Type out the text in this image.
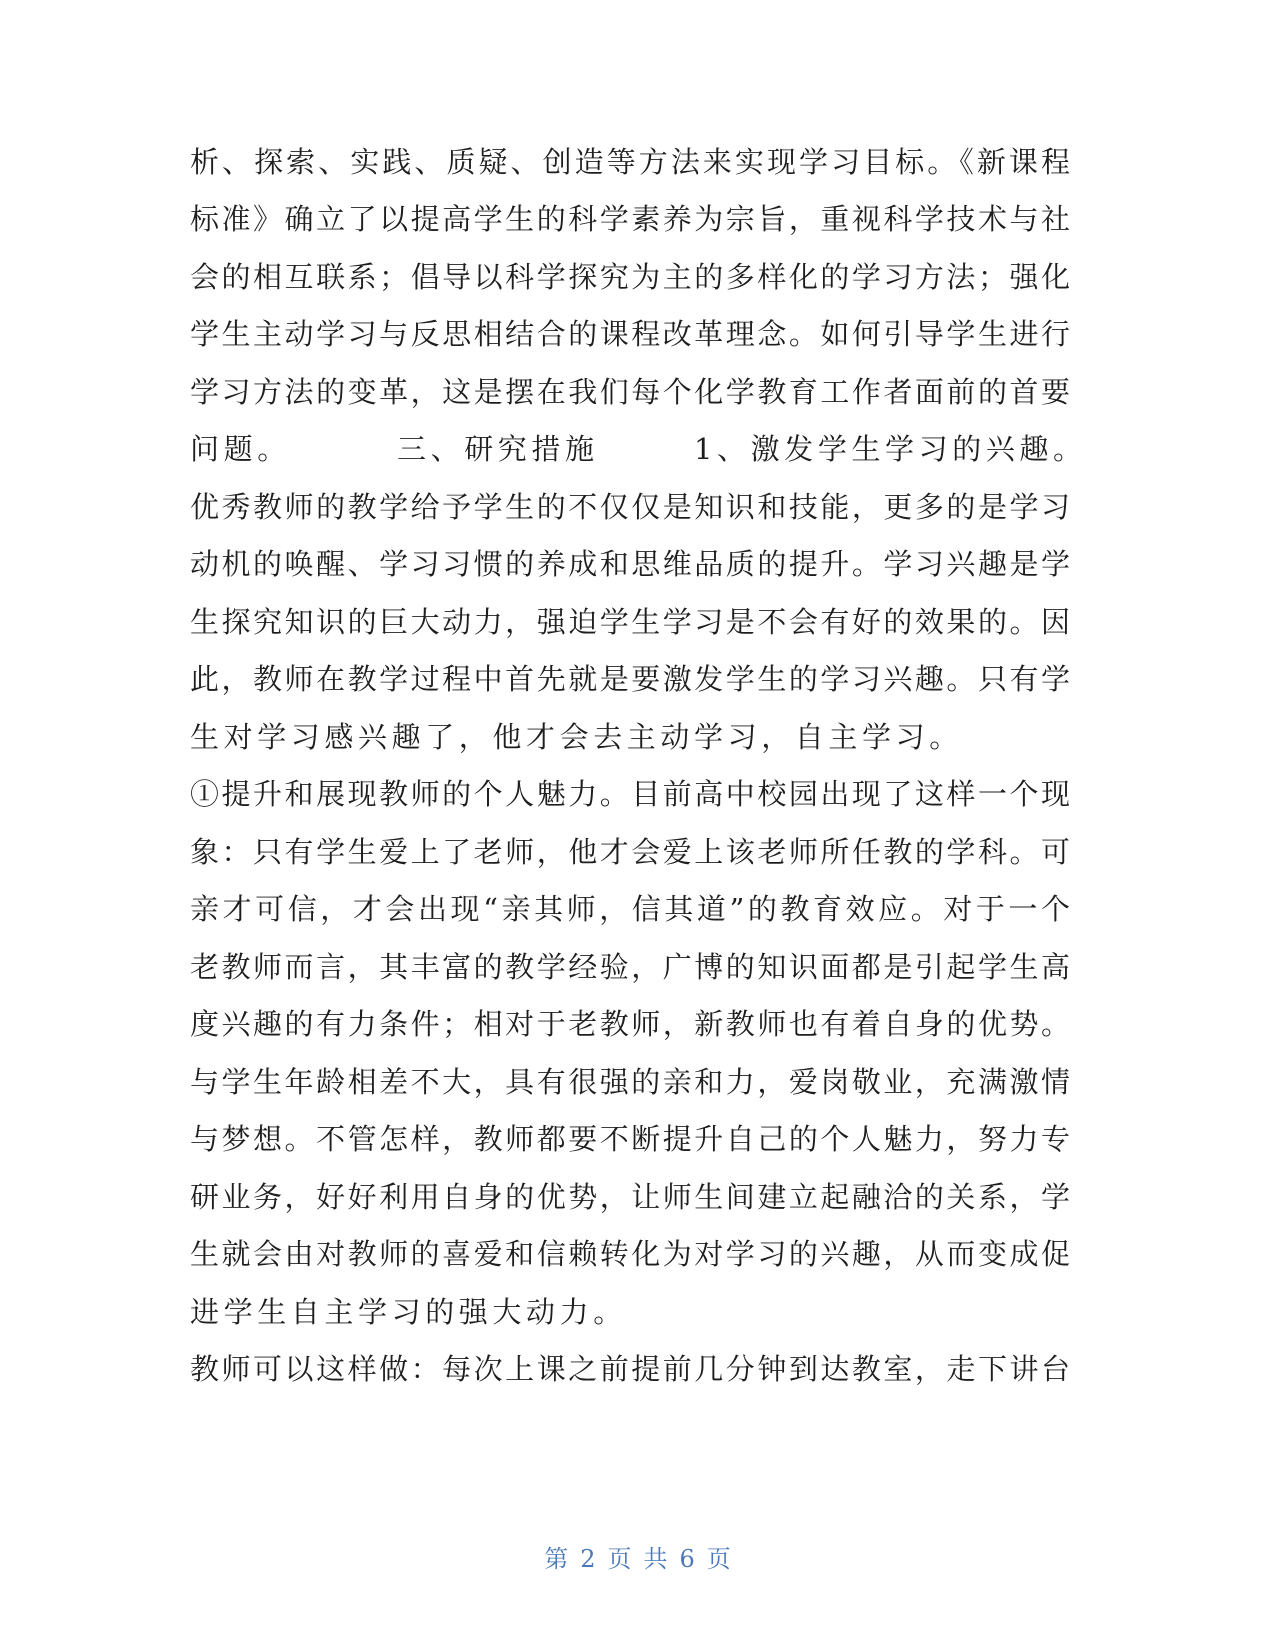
析、探索、实践、质疑、创造等方法来实现学习目标。《新课程
标准》确立了以提高学生的科学素养为宗旨，重视科学技术与社
会的相互联系；倡导以科学探究为主的多样化的学习方法；强化
学生主动学习与反思相结合的课程改革理念。如何引导学生进行
学习方法的变革，这是摆在我们每个化学教育工作者面前的首要
问题。	三、研究措施	1、激发学生学习的兴趣。
优秀教师的教学给予学生的不仅仅是知识和技能，更多的是学习
动机的唤醒、学习习惯的养成和思维品质的提升。学习兴趣是学
生探究知识的巨大动力，强迫学生学习是不会有好的效果的。因
此，教师在教学过程中首先就是要激发学生的学习兴趣。只有学
生对学习感兴趣了，他才会去主动学习，自主学习。
①提升和展现教师的个人魅力。目前高中校园出现了这样一个现
象：只有学生爱上了老师，他才会爱上该老师所任教的学科。可
亲才可信，才会出现“亲其师，信其道”的教育效应。对于一个
老教师而言，其丰富的教学经验，广博的知识面都是引起学生高
度兴趣的有力条件；相对于老教师，新教师也有着自身的优势。
与学生年龄相差不大，具有很强的亲和力，爱岗敬业，充满激情
与梦想。不管怎样，教师都要不断提升自己的个人魅力，努力专
研业务，好好利用自身的优势，让师生间建立起融洽的关系，学
生就会由对教师的喜爱和信赖转化为对学习的兴趣，从而变成促
进学生自主学习的强大动力。
教师可以这样做：每次上课之前提前几分钟到达教室，走下讲台
第 2 页 共 6 页
